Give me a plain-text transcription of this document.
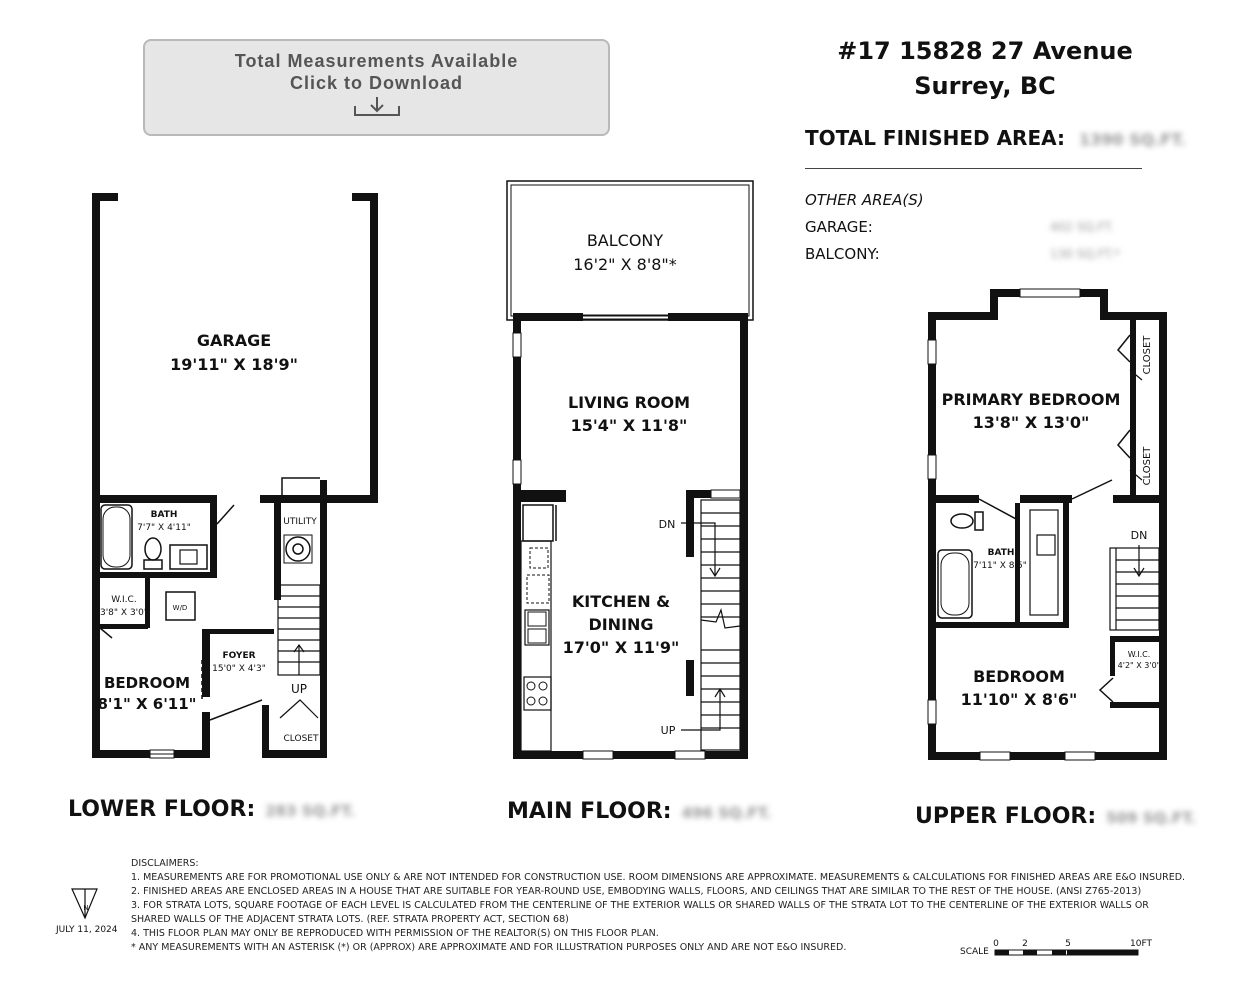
GARAGE
19'11" X 18'9"
BATH
7'7" X 4'11"
W.I.C.
3'8" X 3'0"	W/D
BEDROOM
8'1" X 6'11"
FOYER
15'0" X 4'3"
UTILITY
UP
CLOSET
BALCONY
16'2" X 8'8"*
LIVING ROOM
15'4" X 11'8"
KITCHEN &
DINING
17'0" X 11'9"
DN
UP
PRIMARY BEDROOM
13'8" X 13'0"
CLOSET
CLOSET
BATH
7'11" X 8'5"
DN
BEDROOM
11'10" X 8'6"
W.I.C.
4'2" X 3'0"
N
0	2	5	10FT
Total Measurements Available
Click to Download
#17 15828 27 Avenue
Surrey, BC
TOTAL FINISHED AREA: 1390 SQ.FT.
OTHER AREA(S)
GARAGE:	402 SQ.FT.
BALCONY:	130 SQ.FT.*
LOWER FLOOR: 283 SQ.FT.	MAIN FLOOR: 496 SQ.FT.	UPPER FLOOR: 509 SQ.FT.
DISCLAIMERS:
1. MEASUREMENTS ARE FOR PROMOTIONAL USE ONLY & ARE NOT INTENDED FOR CONSTRUCTION USE. ROOM DIMENSIONS ARE APPROXIMATE. MEASUREMENTS & CALCULATIONS FOR FINISHED AREAS ARE E&O INSURED.
2. FINISHED AREAS ARE ENCLOSED AREAS IN A HOUSE THAT ARE SUITABLE FOR YEAR-ROUND USE, EMBODYING WALLS, FLOORS, AND CEILINGS THAT ARE SIMILAR TO THE REST OF THE HOUSE. (ANSI Z765-2013)
3. FOR STRATA LOTS, SQUARE FOOTAGE OF EACH LEVEL IS CALCULATED FROM THE CENTERLINE OF THE EXTERIOR WALLS OR SHARED WALLS OF THE STRATA LOT TO THE CENTERLINE OF THE EXTERIOR WALLS OR
SHARED WALLS OF THE ADJACENT STRATA LOTS. (REF. STRATA PROPERTY ACT, SECTION 68)
4. THIS FLOOR PLAN MAY ONLY BE REPRODUCED WITH PERMISSION OF THE REALTOR(S) ON THIS FLOOR PLAN.
* ANY MEASUREMENTS WITH AN ASTERISK (*) OR (APPROX) ARE APPROXIMATE AND FOR ILLUSTRATION PURPOSES ONLY AND ARE NOT E&O INSURED.
JULY 11, 2024
SCALE
